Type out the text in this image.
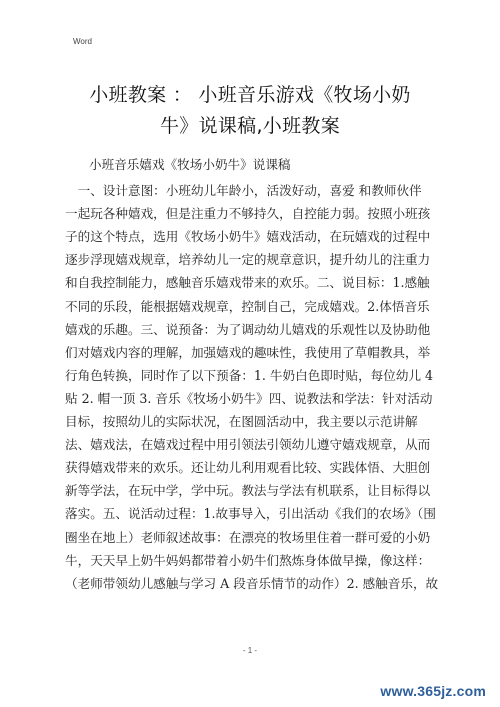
Word
小班教案 ： 小班音乐游戏《牧场小奶
牛》说课稿,小班教案

小班音乐嬉戏《牧场小奶牛》说课稿

　一、设计意图：小班幼儿年龄小，活泼好动，喜爱 和教师伙伴

一起玩各种嬉戏，但是注重力不够持久，自控能力弱。按照小班孩

子的这个特点，选用《牧场小奶牛》嬉戏活动，在玩嬉戏的过程中

逐步浮现嬉戏规章，培养幼儿一定的规章意识，提升幼儿的注重力

和自我控制能力，感触音乐嬉戏带来的欢乐。二、说目标：1.感触

不同的乐段，能根据嬉戏规章，控制自己，完成嬉戏。2.体悟音乐

嬉戏的乐趣。三、说预备：为了调动幼儿嬉戏的乐观性以及协助他

们对嬉戏内容的理解，加强嬉戏的趣味性，我使用了草帽教具，举

行角色转换，同时作了以下预备：1. 牛奶白色即时贴，每位幼儿 4

贴 2. 帽一顶 3. 音乐《牧场小奶牛》四、说教法和学法：针对活动

目标，按照幼儿的实际状况，在图圆活动中，我主要以示范讲解

法、嬉戏法，在嬉戏过程中用引领法引领幼儿遵守嬉戏规章，从而

获得嬉戏带来的欢乐。还让幼儿利用观看比较、实践体悟、大胆创

新等学法，在玩中学，学中玩。教法与学法有机联系，让目标得以

落实。五、说活动过程：1.故事导入，引出活动《我们的农场》（围

圈坐在地上）老师叙述故事：在漂亮的牧场里住着一群可爱的小奶

牛，天天早上奶牛妈妈都带着小奶牛们熬炼身体做早操，像这样：

（老师带领幼儿感触与学习 A 段音乐情节的动作）2. 感触音乐，故

- 1 -
www.365jz.com
